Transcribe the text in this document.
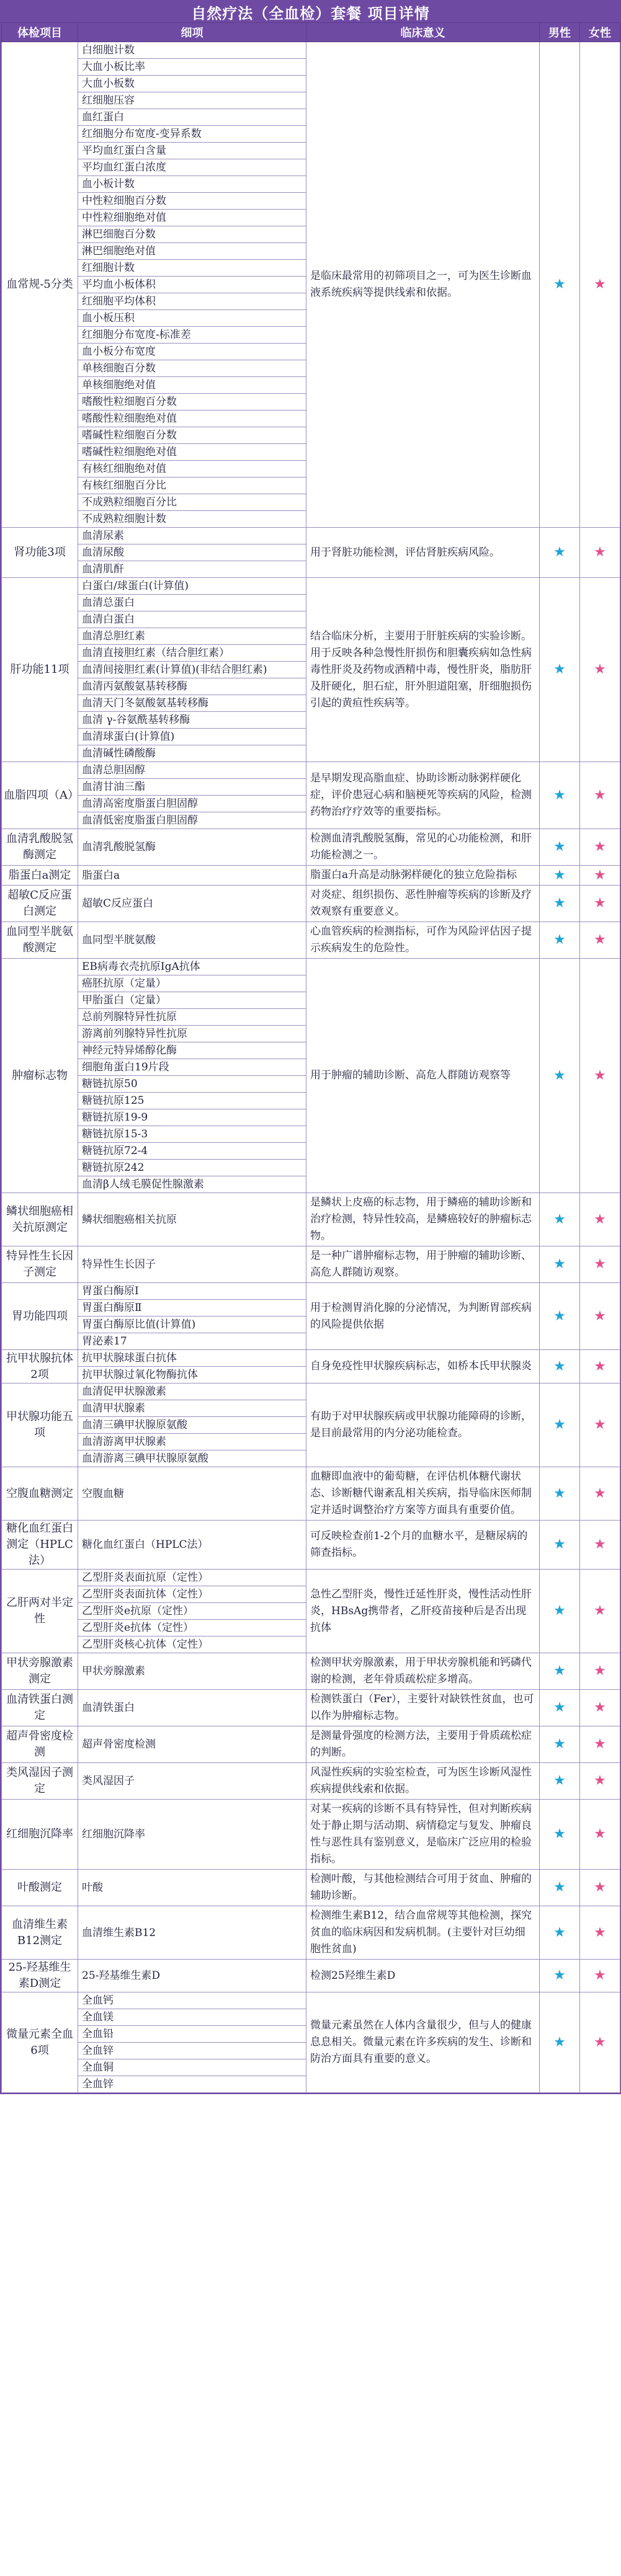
自然疗法（全血检）套餐 项目详情
体检项目	细项	临床意义	男性	女性
血常规-5分类	白细胞计数	是临床最常用的初筛项目之一，可为医生诊断血液系统疾病等提供线索和依据。	★	★
	大血小板比率			
	大血小板数			
	红细胞压容			
	血红蛋白			
	红细胞分布宽度-变异系数			
	平均血红蛋白含量			
	平均血红蛋白浓度			
	血小板计数			
	中性粒细胞百分数			
	中性粒细胞绝对值			
	淋巴细胞百分数			
	淋巴细胞绝对值			
	红细胞计数			
	平均血小板体积			
	红细胞平均体积			
	血小板压积			
	红细胞分布宽度-标准差			
	血小板分布宽度			
	单核细胞百分数			
	单核细胞绝对值			
	嗜酸性粒细胞百分数			
	嗜酸性粒细胞绝对值			
	嗜碱性粒细胞百分数			
	嗜碱性粒细胞绝对值			
	有核红细胞绝对值			
	有核红细胞百分比			
	不成熟粒细胞百分比			
	不成熟粒细胞计数			
肾功能3项	血清尿素	用于肾脏功能检测，评估肾脏疾病风险。	★	★
	血清尿酸			
	血清肌酐			
肝功能11项	白蛋白/球蛋白(计算值)	结合临床分析，主要用于肝脏疾病的实验诊断。用于反映各种急慢性肝损伤和胆囊疾病如急性病毒性肝炎及药物或酒精中毒，慢性肝炎，脂肪肝及肝硬化，胆石症，肝外胆道阻塞，肝细胞损伤引起的黄疸性疾病等。	★	★
	血清总蛋白			
	血清白蛋白			
	血清总胆红素			
	血清直接胆红素（结合胆红素）			
	血清间接胆红素(计算值)(非结合胆红素)			
	血清丙氨酸氨基转移酶			
	血清天门冬氨酸氨基转移酶			
	血清 γ-谷氨酰基转移酶			
	血清球蛋白(计算值)			
	血清碱性磷酸酶			
血脂四项（A）	血清总胆固醇	是早期发现高脂血症、协助诊断动脉粥样硬化症，评价患冠心病和脑梗死等疾病的风险，检测药物治疗疗效等的重要指标。	★	★
	血清甘油三酯			
	血清高密度脂蛋白胆固醇			
	血清低密度脂蛋白胆固醇			
血清乳酸脱氢酶测定	血清乳酸脱氢酶	检测血清乳酸脱氢酶，常见的心功能检测，和肝功能检测之一。	★	★
脂蛋白a测定	脂蛋白a	脂蛋白a升高是动脉粥样硬化的独立危险指标	★	★
超敏C反应蛋白测定	超敏C反应蛋白	对炎症、组织损伤、恶性肿瘤等疾病的诊断及疗效观察有重要意义。	★	★
血同型半胱氨酸测定	血同型半胱氨酸	心血管疾病的检测指标，可作为风险评估因子提示疾病发生的危险性。	★	★
肿瘤标志物	EB病毒衣壳抗原IgA抗体	用于肿瘤的辅助诊断、高危人群随访观察等	★	★
	癌胚抗原（定量）			
	甲胎蛋白（定量）			
	总前列腺特异性抗原			
	游离前列腺特异性抗原			
	神经元特异烯醇化酶			
	细胞角蛋白19片段			
	糖链抗原50			
	糖链抗原125			
	糖链抗原19-9			
	糖链抗原15-3			
	糖链抗原72-4			
	糖链抗原242			
	血清β人绒毛膜促性腺激素			
鳞状细胞癌相关抗原测定	鳞状细胞癌相关抗原	是鳞状上皮癌的标志物，用于鳞癌的辅助诊断和治疗检测，特异性较高，是鳞癌较好的肿瘤标志物。	★	★
特异性生长因子测定	特异性生长因子	是一种广谱肿瘤标志物，用于肿瘤的辅助诊断、高危人群随访观察。	★	★
胃功能四项	胃蛋白酶原Ⅰ	用于检测胃消化腺的分泌情况，为判断胃部疾病的风险提供依据	★	★
	胃蛋白酶原Ⅱ			
	胃蛋白酶原比值(计算值)			
	胃泌素17			
抗甲状腺抗体2项	抗甲状腺球蛋白抗体	自身免疫性甲状腺疾病标志，如桥本氏甲状腺炎	★	★
	抗甲状腺过氧化物酶抗体			
甲状腺功能五项	血清促甲状腺激素	有助于对甲状腺疾病或甲状腺功能障碍的诊断，是目前最常用的内分泌功能检查。	★	★
	血清甲状腺素			
	血清三碘甲状腺原氨酸			
	血清游离甲状腺素			
	血清游离三碘甲状腺原氨酸			
空腹血糖测定	空腹血糖	血糖即血液中的葡萄糖，在评估机体糖代谢状态、诊断糖代谢紊乱相关疾病，指导临床医师制定并适时调整治疗方案等方面具有重要价值。	★	★
糖化血红蛋白测定（HPLC法）	糖化血红蛋白（HPLC法）	可反映检查前1-2个月的血糖水平，是糖尿病的筛查指标。	★	★
乙肝两对半定性	乙型肝炎表面抗原（定性）	急性乙型肝炎，慢性迁延性肝炎，慢性活动性肝炎，HBsAg携带者，乙肝疫苗接种后是否出现抗体	★	★
	乙型肝炎表面抗体（定性）			
	乙型肝炎e抗原（定性）			
	乙型肝炎e抗体（定性）			
	乙型肝炎核心抗体（定性）			
甲状旁腺激素测定	甲状旁腺激素	检测甲状旁腺激素，用于甲状旁腺机能和钙磷代谢的检测，老年骨质疏松症多增高。	★	★
血清铁蛋白测定	血清铁蛋白	检测铁蛋白（Fer），主要针对缺铁性贫血，也可以作为肿瘤标志物。	★	★
超声骨密度检测	超声骨密度检测	是测量骨强度的检测方法，主要用于骨质疏松症的判断。	★	★
类风湿因子测定	类风湿因子	风湿性疾病的实验室检查，可为医生诊断风湿性疾病提供线索和依据。	★	★
红细胞沉降率	红细胞沉降率	对某一疾病的诊断不具有特异性，但对判断疾病处于静止期与活动期、病情稳定与复发、肿瘤良性与恶性具有鉴别意义，是临床广泛应用的检验指标。	★	★
叶酸测定	叶酸	检测叶酸，与其他检测结合可用于贫血、肿瘤的辅助诊断。	★	★
血清维生素B12测定	血清维生素B12	检测维生素B12，结合血常规等其他检测，探究贫血的临床病因和发病机制。(主要针对巨幼细胞性贫血)	★	★
25-羟基维生素D测定	25-羟基维生素D	检测25羟维生素D	★	★
微量元素全血6项	全血钙	微量元素虽然在人体内含量很少，但与人的健康息息相关。微量元素在许多疾病的发生、诊断和防治方面具有重要的意义。	★	★
	全血镁			
	全血铅			
	全血锌			
	全血铜			
	全血锌			
